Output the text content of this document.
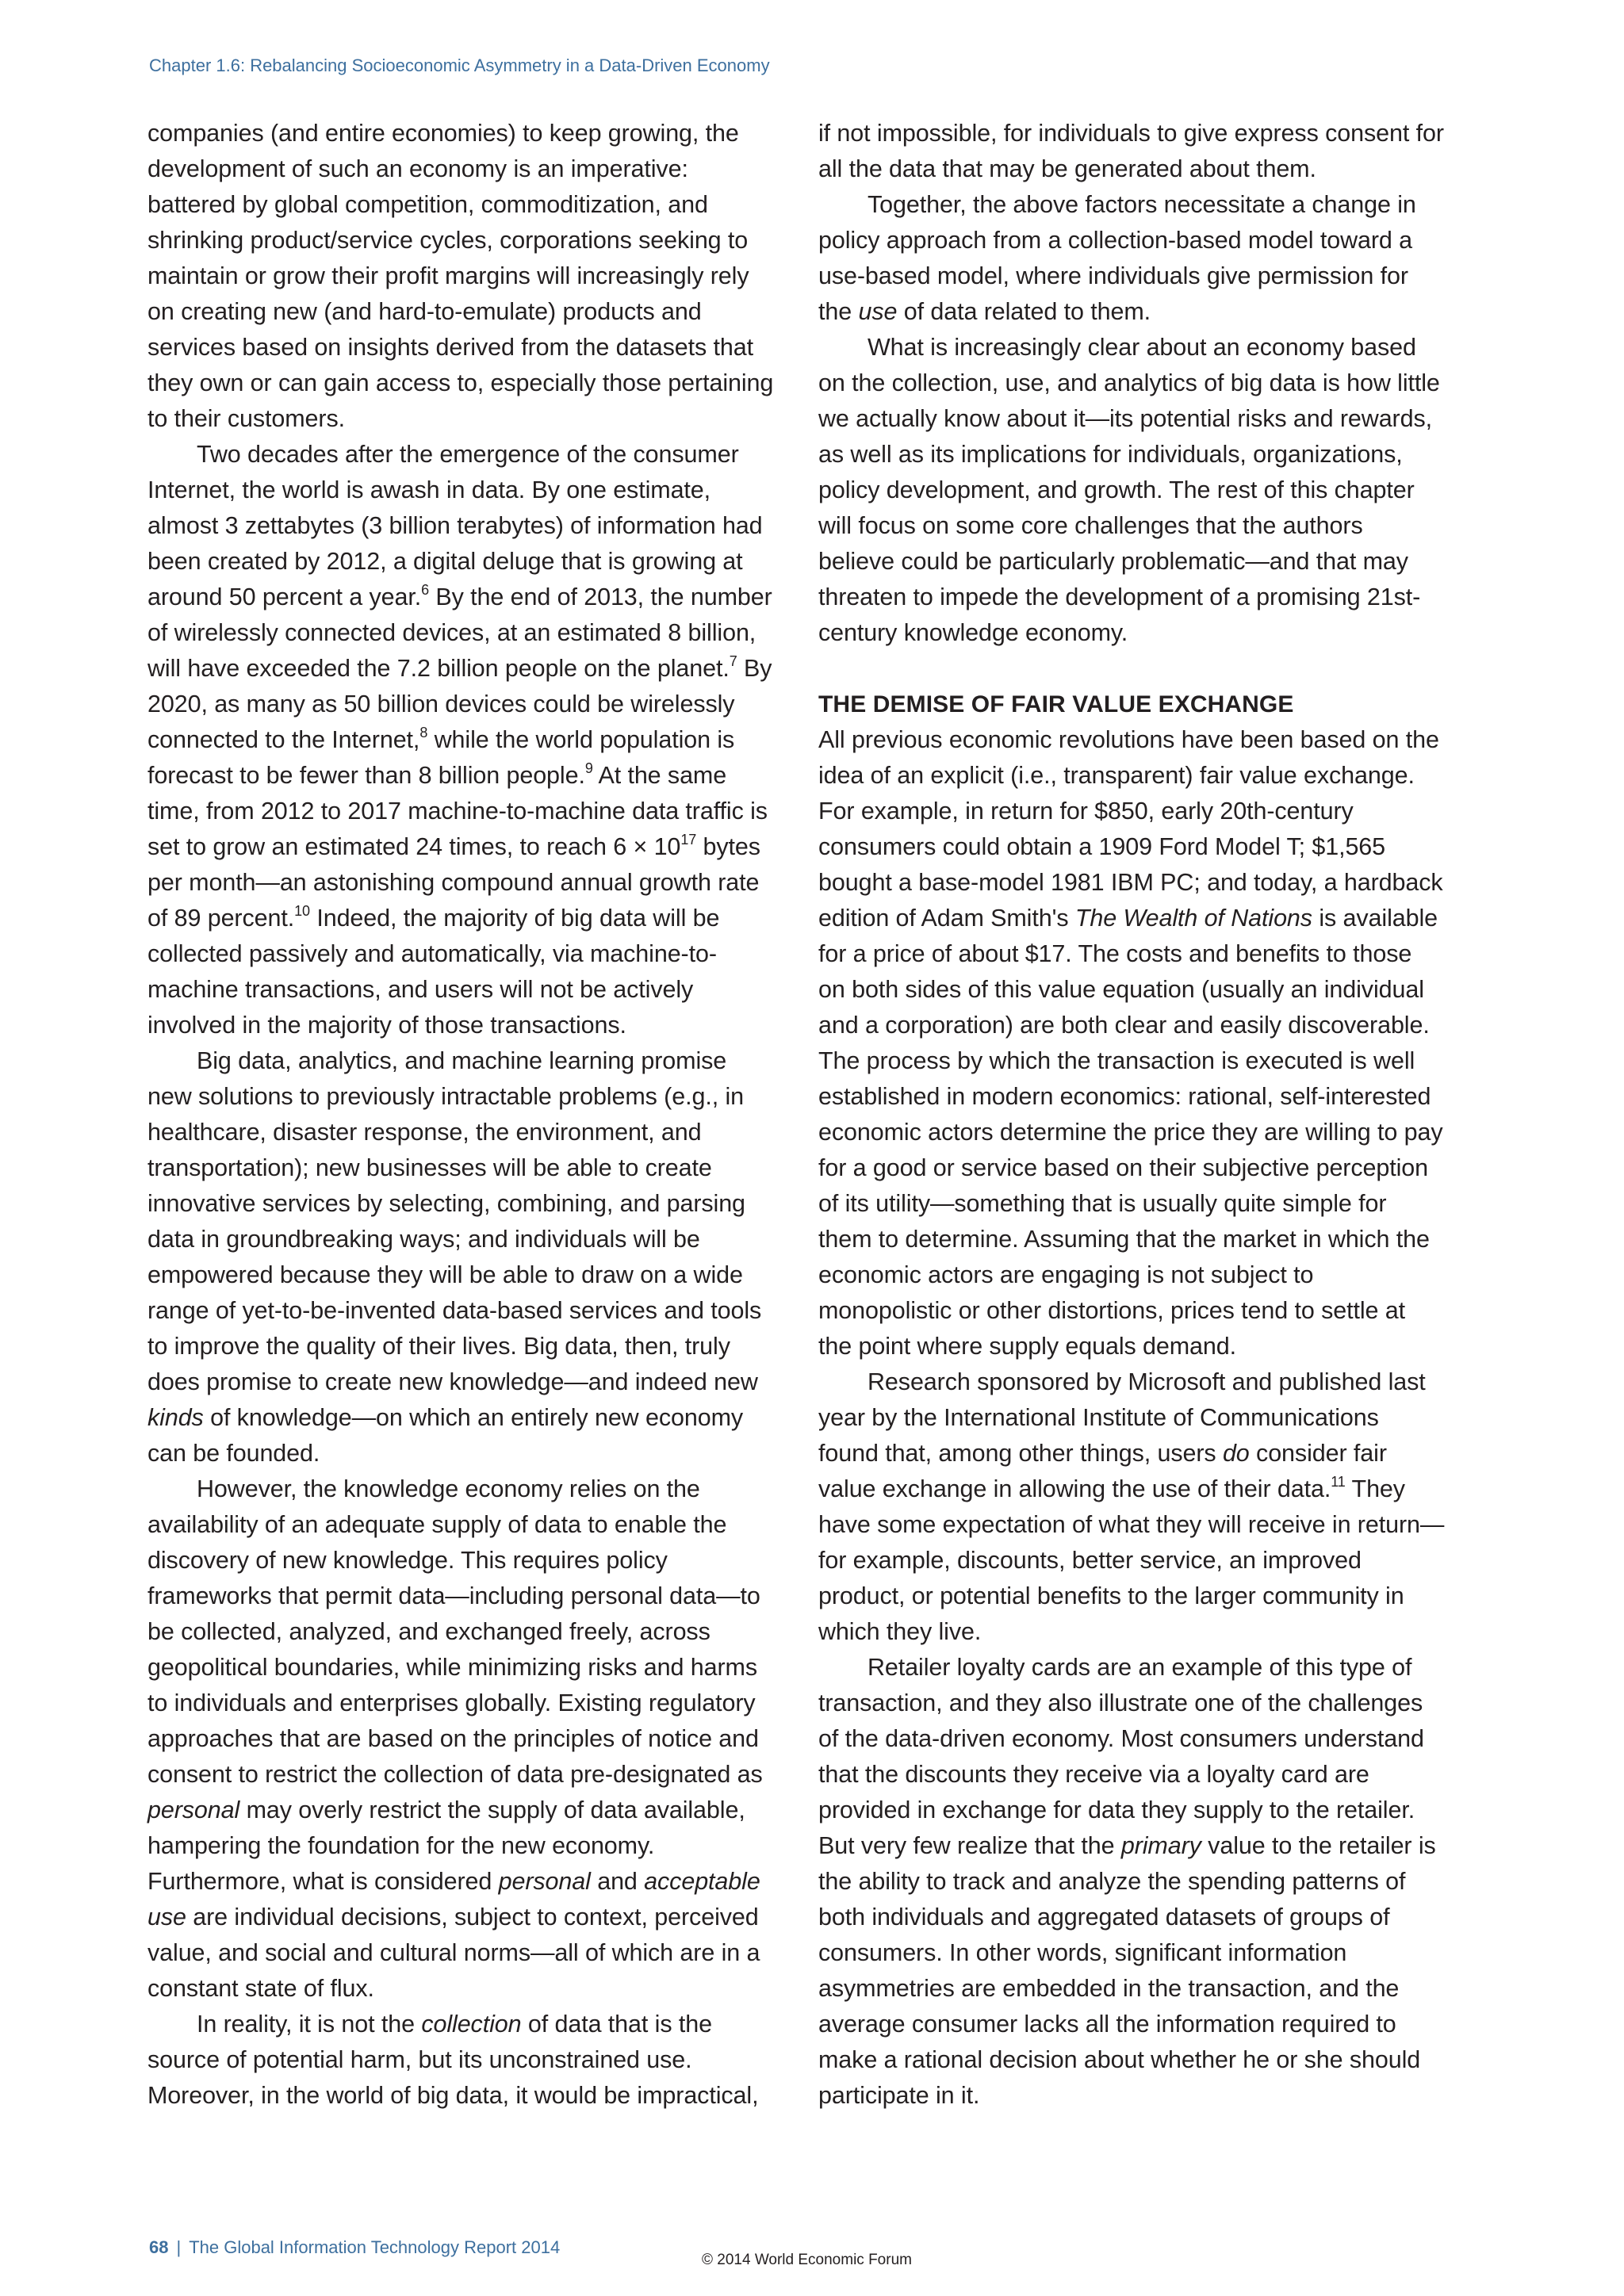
Chapter 1.6: Rebalancing Socioeconomic Asymmetry in a Data-Driven Economy

companies (and entire economies) to keep growing, the development of such an economy is an imperative: battered by global competition, commoditization, and shrinking product/service cycles, corporations seeking to maintain or grow their profit margins will increasingly rely on creating new (and hard-to-emulate) products and services based on insights derived from the datasets that they own or can gain access to, especially those pertaining to their customers.

Two decades after the emergence of the consumer Internet, the world is awash in data. By one estimate, almost 3 zettabytes (3 billion terabytes) of information had been created by 2012, a digital deluge that is growing at around 50 percent a year.$^6$ By the end of 2013, the number of wirelessly connected devices, at an estimated 8 billion, will have exceeded the 7.2 billion people on the planet.$^7$ By 2020, as many as 50 billion devices could be wirelessly connected to the Internet,$^8$ while the world population is forecast to be fewer than 8 billion people.$^9$ At the same time, from 2012 to 2017 machine-to-machine data traffic is set to grow an estimated 24 times, to reach $6 \times 10^{17}$ bytes per month—an astonishing compound annual growth rate of 89 percent.$^{10}$ Indeed, the majority of big data will be collected passively and automatically, via machine-to-machine transactions, and users will not be actively involved in the majority of those transactions.

Big data, analytics, and machine learning promise new solutions to previously intractable problems (e.g., in healthcare, disaster response, the environment, and transportation); new businesses will be able to create innovative services by selecting, combining, and parsing data in groundbreaking ways; and individuals will be empowered because they will be able to draw on a wide range of yet-to-be-invented data-based services and tools to improve the quality of their lives. Big data, then, truly does promise to create new knowledge—and indeed new kinds of knowledge—on which an entirely new economy can be founded.

However, the knowledge economy relies on the availability of an adequate supply of data to enable the discovery of new knowledge. This requires policy frameworks that permit data—including personal data—to be collected, analyzed, and exchanged freely, across geopolitical boundaries, while minimizing risks and harms to individuals and enterprises globally. Existing regulatory approaches that are based on the principles of notice and consent to restrict the collection of data pre-designated as personal may overly restrict the supply of data available, hampering the foundation for the new economy. Furthermore, what is considered personal and acceptable use are individual decisions, subject to context, perceived value, and social and cultural norms—all of which are in a constant state of flux.

In reality, it is not the collection of data that is the source of potential harm, but its unconstrained use. Moreover, in the world of big data, it would be impractical,

if not impossible, for individuals to give express consent for all the data that may be generated about them.

Together, the above factors necessitate a change in policy approach from a collection-based model toward a use-based model, where individuals give permission for the use of data related to them.

What is increasingly clear about an economy based on the collection, use, and analytics of big data is how little we actually know about it—its potential risks and rewards, as well as its implications for individuals, organizations, policy development, and growth. The rest of this chapter will focus on some core challenges that the authors believe could be particularly problematic—and that may threaten to impede the development of a promising 21st-century knowledge economy.

THE DEMISE OF FAIR VALUE EXCHANGE

All previous economic revolutions have been based on the idea of an explicit (i.e., transparent) fair value exchange. For example, in return for $850, early 20th-century consumers could obtain a 1909 Ford Model T; $1,565 bought a base-model 1981 IBM PC; and today, a hardback edition of Adam Smith's The Wealth of Nations is available for a price of about $17. The costs and benefits to those on both sides of this value equation (usually an individual and a corporation) are both clear and easily discoverable. The process by which the transaction is executed is well established in modern economics: rational, self-interested economic actors determine the price they are willing to pay for a good or service based on their subjective perception of its utility—something that is usually quite simple for them to determine. Assuming that the market in which the economic actors are engaging is not subject to monopolistic or other distortions, prices tend to settle at the point where supply equals demand.

Research sponsored by Microsoft and published last year by the International Institute of Communications found that, among other things, users do consider fair value exchange in allowing the use of their data.$^{11}$ They have some expectation of what they will receive in return—for example, discounts, better service, an improved product, or potential benefits to the larger community in which they live.

Retailer loyalty cards are an example of this type of transaction, and they also illustrate one of the challenges of the data-driven economy. Most consumers understand that the discounts they receive via a loyalty card are provided in exchange for data they supply to the retailer. But very few realize that the primary value to the retailer is the ability to track and analyze the spending patterns of both individuals and aggregated datasets of groups of consumers. In other words, significant information asymmetries are embedded in the transaction, and the average consumer lacks all the information required to make a rational decision about whether he or she should participate in it.

68 | The Global Information Technology Report 2014
© 2014 World Economic Forum
